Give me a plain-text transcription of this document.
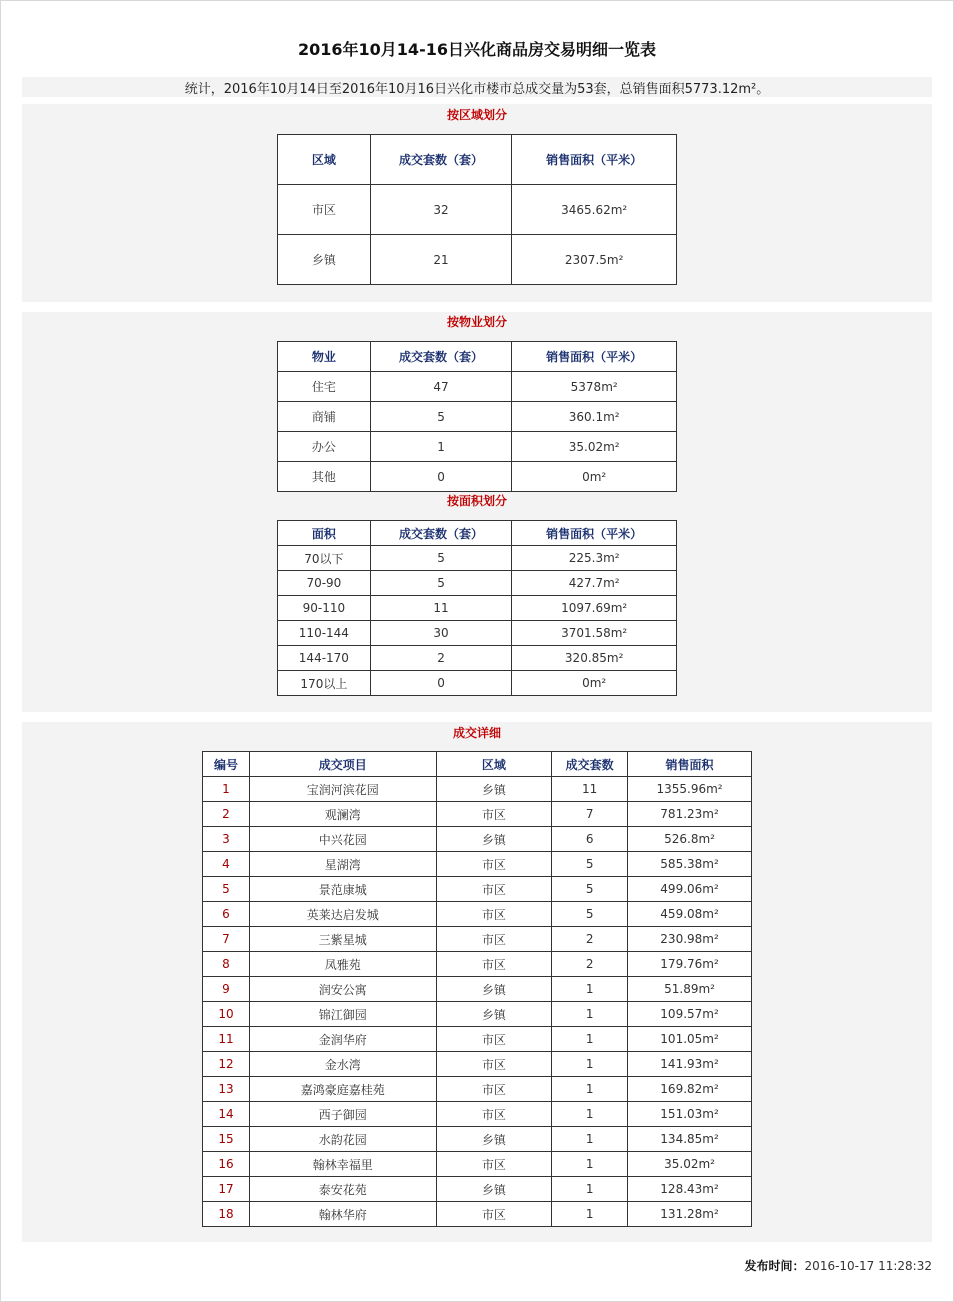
2016年10月14-16日兴化商品房交易明细一览表
统计，2016年10月14日至2016年10月16日兴化市楼市总成交量为53套，总销售面积5773.12m²。
按区域划分
区域	成交套数（套）	销售面积（平米）
市区	32	3465.62m²
乡镇	21	2307.5m²
按物业划分
物业	成交套数（套）	销售面积（平米）
住宅	47	5378m²
商铺	5	360.1m²
办公	1	35.02m²
其他	0	0m²
按面积划分
面积	成交套数（套）	销售面积（平米）
70以下	5	225.3m²
70-90	5	427.7m²
90-110	11	1097.69m²
110-144	30	3701.58m²
144-170	2	320.85m²
170以上	0	0m²
成交详细
编号	成交项目	区域	成交套数	销售面积
1	宝润河滨花园	乡镇	11	1355.96m²
2	观澜湾	市区	7	781.23m²
3	中兴花园	乡镇	6	526.8m²
4	星湖湾	市区	5	585.38m²
5	景范康城	市区	5	499.06m²
6	英莱达启发城	市区	5	459.08m²
7	三紫星城	市区	2	230.98m²
8	凤雅苑	市区	2	179.76m²
9	润安公寓	乡镇	1	51.89m²
10	锦江御园	乡镇	1	109.57m²
11	金润华府	市区	1	101.05m²
12	金水湾	市区	1	141.93m²
13	嘉鸿豪庭嘉桂苑	市区	1	169.82m²
14	西子御园	市区	1	151.03m²
15	水韵花园	乡镇	1	134.85m²
16	翰林幸福里	市区	1	35.02m²
17	泰安花苑	乡镇	1	128.43m²
18	翰林华府	市区	1	131.28m²
发布时间：2016-10-17 11:28:32
